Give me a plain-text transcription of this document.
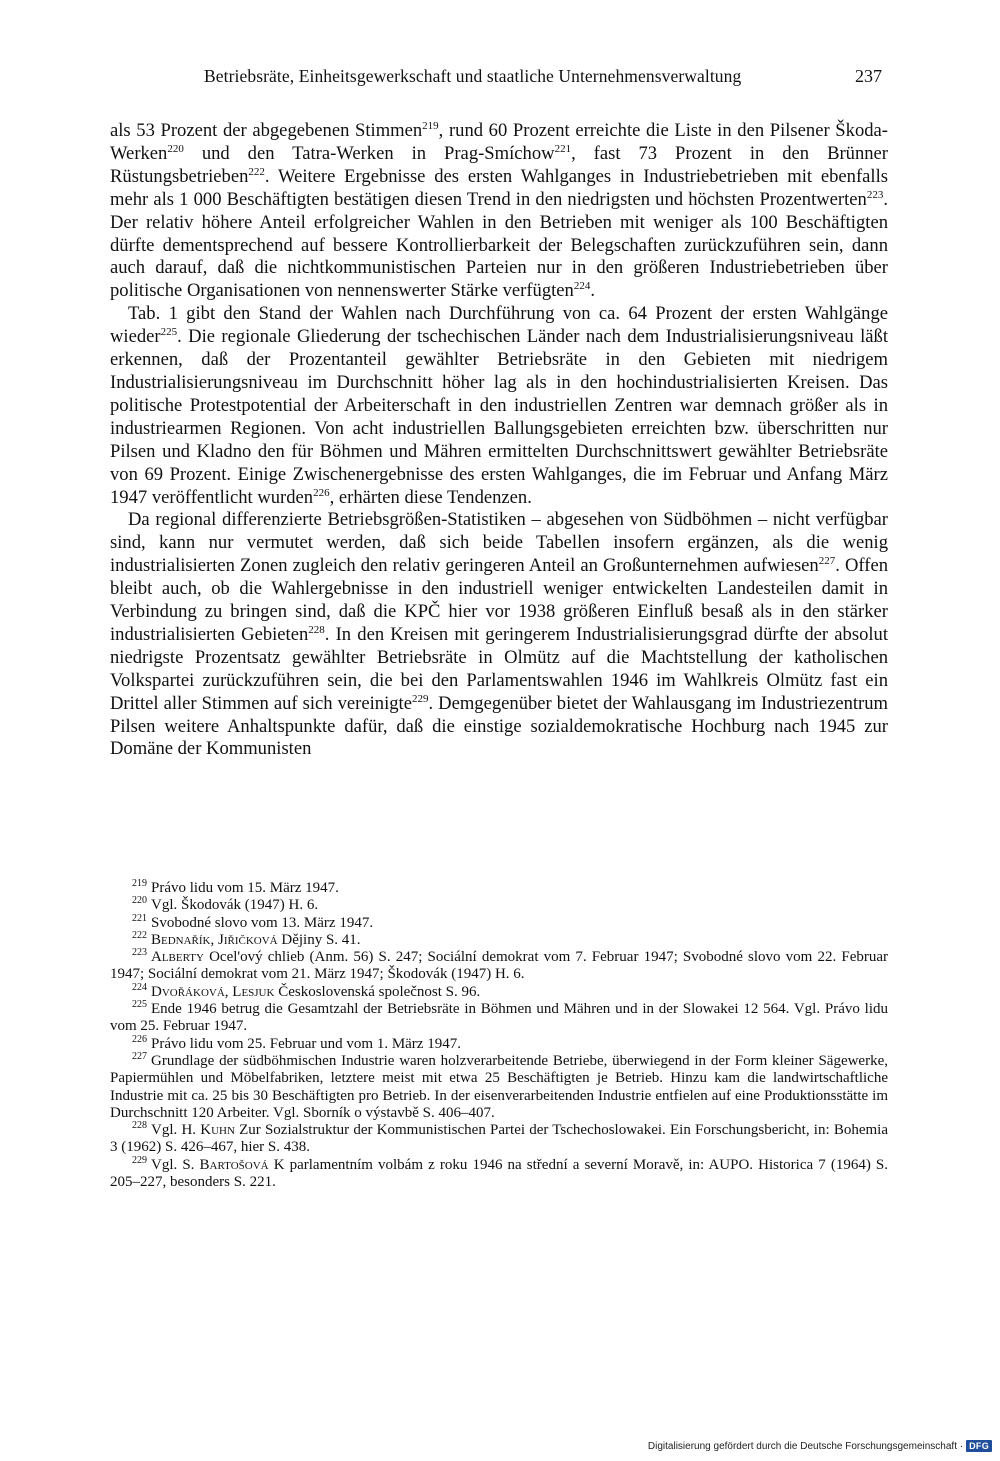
Betriebsräte, Einheitsgewerkschaft und staatliche Unternehmensverwaltung	237

als 53 Prozent der abgegebenen Stimmen$^{219}$, rund 60 Prozent erreichte die Liste in den Pilsener Škoda-Werken$^{220}$ und den Tatra-Werken in Prag-Smíchow$^{221}$, fast 73 Prozent in den Brünner Rüstungsbetrieben$^{222}$. Weitere Ergebnisse des ersten Wahlganges in Industriebetrieben mit ebenfalls mehr als 1 000 Beschäftigten bestätigen diesen Trend in den niedrigsten und höchsten Prozentwerten$^{223}$. Der relativ höhere Anteil erfolgreicher Wahlen in den Betrieben mit weniger als 100 Beschäftigten dürfte dementsprechend auf bessere Kontrollierbarkeit der Belegschaften zurückzuführen sein, dann auch darauf, daß die nichtkommunistischen Parteien nur in den größeren Industriebetrieben über politische Organisationen von nennenswerter Stärke verfügten$^{224}$.

Tab. 1 gibt den Stand der Wahlen nach Durchführung von ca. 64 Prozent der ersten Wahlgänge wieder$^{225}$. Die regionale Gliederung der tschechischen Länder nach dem Industrialisierungsniveau läßt erkennen, daß der Prozentanteil gewählter Betriebsräte in den Gebieten mit niedrigem Industrialisierungsniveau im Durchschnitt höher lag als in den hochindustrialisierten Kreisen. Das politische Protestpotential der Arbeiterschaft in den industriellen Zentren war demnach größer als in industriearmen Regionen. Von acht industriellen Ballungsgebieten erreichten bzw. überschritten nur Pilsen und Kladno den für Böhmen und Mähren ermittelten Durchschnittswert gewählter Betriebsräte von 69 Prozent. Einige Zwischenergebnisse des ersten Wahlganges, die im Februar und Anfang März 1947 veröffentlicht wurden$^{226}$, erhärten diese Tendenzen.

Da regional differenzierte Betriebsgrößen-Statistiken – abgesehen von Südböhmen – nicht verfügbar sind, kann nur vermutet werden, daß sich beide Tabellen insofern ergänzen, als die wenig industrialisierten Zonen zugleich den relativ geringeren Anteil an Großunternehmen aufwiesen$^{227}$. Offen bleibt auch, ob die Wahlergebnisse in den industriell weniger entwickelten Landesteilen damit in Verbindung zu bringen sind, daß die KPČ hier vor 1938 größeren Einfluß besaß als in den stärker industrialisierten Gebieten$^{228}$. In den Kreisen mit geringerem Industrialisierungsgrad dürfte der absolut niedrigste Prozentsatz gewählter Betriebsräte in Olmütz auf die Machtstellung der katholischen Volkspartei zurückzuführen sein, die bei den Parlamentswahlen 1946 im Wahlkreis Olmütz fast ein Drittel aller Stimmen auf sich vereinigte$^{229}$. Demgegenüber bietet der Wahlausgang im Industriezentrum Pilsen weitere Anhaltspunkte dafür, daß die einstige sozialdemokratische Hochburg nach 1945 zur Domäne der Kommunisten

$^{219}$ Právo lidu vom 15. März 1947.

$^{220}$ Vgl. Škodovák (1947) H. 6.

$^{221}$ Svobodné slovo vom 13. März 1947.

$^{222}$ Bednařík, Jiřičková Dějiny S. 41.

$^{223}$ Alberty Ocel'ový chlieb (Anm. 56) S. 247; Sociální demokrat vom 7. Februar 1947; Svobodné slovo vom 22. Februar 1947; Sociální demokrat vom 21. März 1947; Škodovák (1947) H. 6.

$^{224}$ Dvořáková, Lesjuk Československá společnost S. 96.

$^{225}$ Ende 1946 betrug die Gesamtzahl der Betriebsräte in Böhmen und Mähren und in der Slowakei 12 564. Vgl. Právo lidu vom 25. Februar 1947.

$^{226}$ Právo lidu vom 25. Februar und vom 1. März 1947.

$^{227}$ Grundlage der südböhmischen Industrie waren holzverarbeitende Betriebe, überwiegend in der Form kleiner Sägewerke, Papiermühlen und Möbelfabriken, letztere meist mit etwa 25 Beschäftigten je Betrieb. Hinzu kam die landwirtschaftliche Industrie mit ca. 25 bis 30 Beschäftigten pro Betrieb. In der eisenverarbeitenden Industrie entfielen auf eine Produktionsstätte im Durchschnitt 120 Arbeiter. Vgl. Sborník o výstavbě S. 406–407.

$^{228}$ Vgl. H. Kuhn Zur Sozialstruktur der Kommunistischen Partei der Tschechoslowakei. Ein Forschungsbericht, in: Bohemia 3 (1962) S. 426–467, hier S. 438.

$^{229}$ Vgl. S. Bartošová K parlamentním volbám z roku 1946 na střední a severní Moravě, in: AUPO. Historica 7 (1964) S. 205–227, besonders S. 221.

Digitalisierung gefördert durch die Deutsche Forschungsgemeinschaft · DFG
